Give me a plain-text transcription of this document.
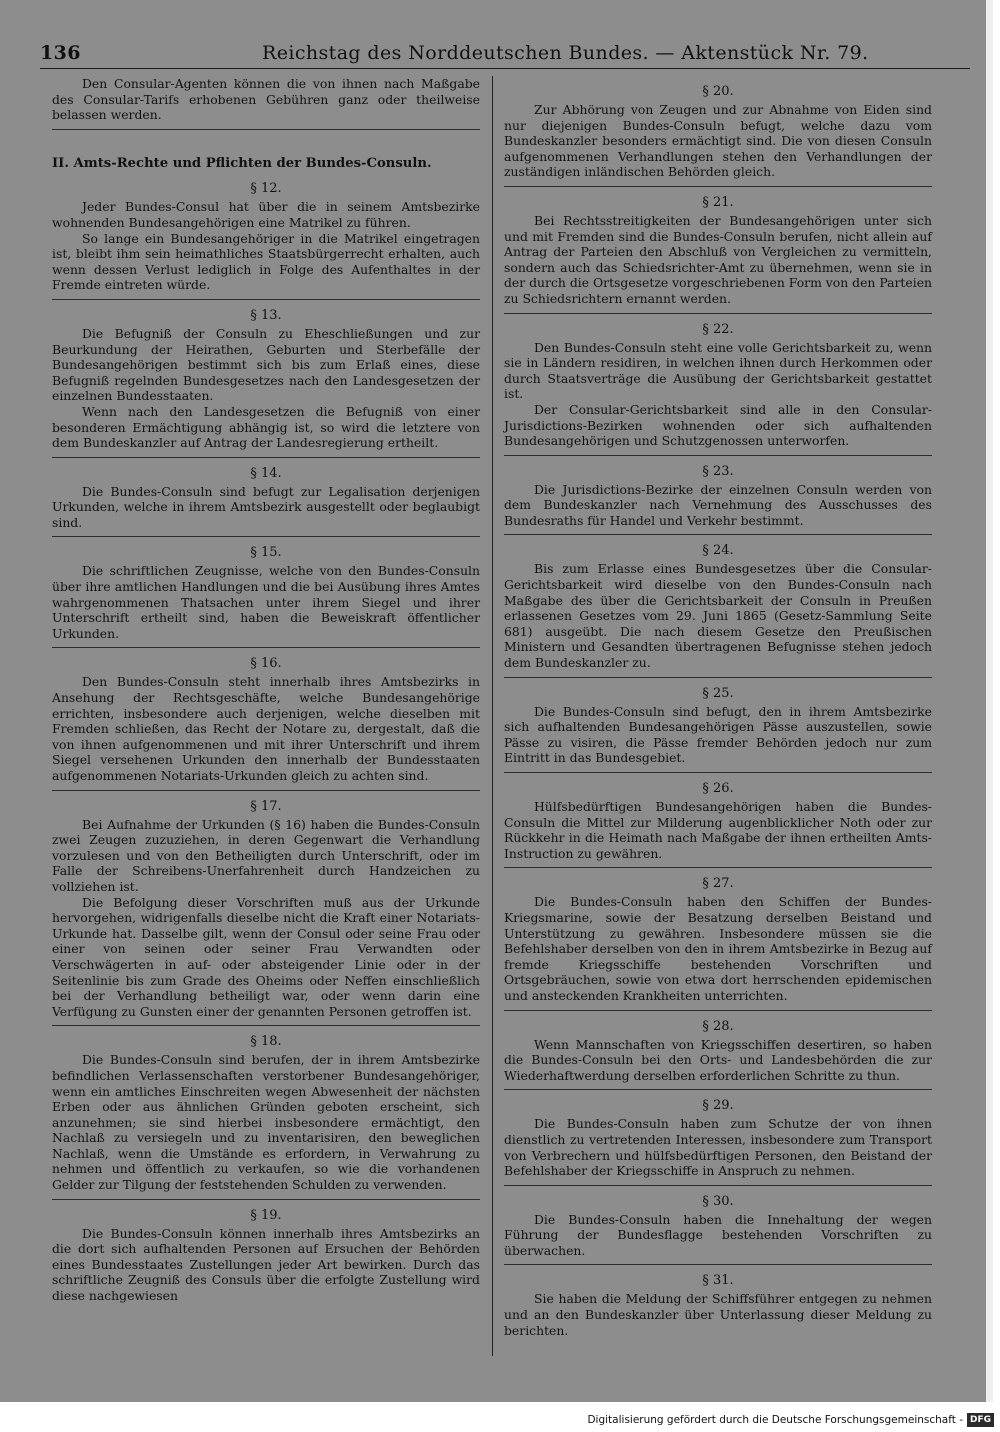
136	Reichstag des Norddeutschen Bundes. — Aktenstück Nr. 79.

Den Consular-Agenten können die von ihnen nach Maßgabe des Consular-Tarifs erhobenen Gebühren ganz oder theilweise belassen werden.

II. Amts-Rechte und Pflichten der Bundes-Consuln.
§ 12.

Jeder Bundes-Consul hat über die in seinem Amtsbezirke wohnenden Bundesangehörigen eine Matrikel zu führen.

So lange ein Bundesangehöriger in die Matrikel eingetragen ist, bleibt ihm sein heimathliches Staatsbürgerrecht erhalten, auch wenn dessen Verlust lediglich in Folge des Aufenthaltes in der Fremde eintreten würde.

§ 13.

Die Befugniß der Consuln zu Eheschließungen und zur Beurkundung der Heirathen, Geburten und Sterbefälle der Bundesangehörigen bestimmt sich bis zum Erlaß eines, diese Befugniß regelnden Bundesgesetzes nach den Landesgesetzen der einzelnen Bundesstaaten.

Wenn nach den Landesgesetzen die Befugniß von einer besonderen Ermächtigung abhängig ist, so wird die letztere von dem Bundeskanzler auf Antrag der Landesregierung ertheilt.

§ 14.

Die Bundes-Consuln sind befugt zur Legalisation derjenigen Urkunden, welche in ihrem Amtsbezirk ausgestellt oder beglaubigt sind.

§ 15.

Die schriftlichen Zeugnisse, welche von den Bundes-Consuln über ihre amtlichen Handlungen und die bei Ausübung ihres Amtes wahrgenommenen Thatsachen unter ihrem Siegel und ihrer Unterschrift ertheilt sind, haben die Beweiskraft öffentlicher Urkunden.

§ 16.

Den Bundes-Consuln steht innerhalb ihres Amtsbezirks in Ansehung der Rechtsgeschäfte, welche Bundesangehörige errichten, insbesondere auch derjenigen, welche dieselben mit Fremden schließen, das Recht der Notare zu, dergestalt, daß die von ihnen aufgenommenen und mit ihrer Unterschrift und ihrem Siegel versehenen Urkunden den innerhalb der Bundesstaaten aufgenommenen Notariats-Urkunden gleich zu achten sind.

§ 17.

Bei Aufnahme der Urkunden (§ 16) haben die Bundes-Consuln zwei Zeugen zuzuziehen, in deren Gegenwart die Verhandlung vorzulesen und von den Betheiligten durch Unterschrift, oder im Falle der Schreibens-Unerfahrenheit durch Handzeichen zu vollziehen ist.

Die Befolgung dieser Vorschriften muß aus der Urkunde hervorgehen, widrigenfalls dieselbe nicht die Kraft einer Notariats-Urkunde hat. Dasselbe gilt, wenn der Consul oder seine Frau oder einer von seinen oder seiner Frau Verwandten oder Verschwägerten in auf- oder absteigender Linie oder in der Seitenlinie bis zum Grade des Oheims oder Neffen einschließlich bei der Verhandlung betheiligt war, oder wenn darin eine Verfügung zu Gunsten einer der genannten Personen getroffen ist.

§ 18.

Die Bundes-Consuln sind berufen, der in ihrem Amtsbezirke befindlichen Verlassenschaften verstorbener Bundesangehöriger, wenn ein amtliches Einschreiten wegen Abwesenheit der nächsten Erben oder aus ähnlichen Gründen geboten erscheint, sich anzunehmen; sie sind hierbei insbesondere ermächtigt, den Nachlaß zu versiegeln und zu inventarisiren, den beweglichen Nachlaß, wenn die Umstände es erfordern, in Verwahrung zu nehmen und öffentlich zu verkaufen, so wie die vorhandenen Gelder zur Tilgung der feststehenden Schulden zu verwenden.

§ 19.

Die Bundes-Consuln können innerhalb ihres Amtsbezirks an die dort sich aufhaltenden Personen auf Ersuchen der Behörden eines Bundesstaates Zustellungen jeder Art bewirken. Durch das schriftliche Zeugniß des Consuls über die erfolgte Zustellung wird diese nachgewiesen

§ 20.

Zur Abhörung von Zeugen und zur Abnahme von Eiden sind nur diejenigen Bundes-Consuln befugt, welche dazu vom Bundeskanzler besonders ermächtigt sind. Die von diesen Consuln aufgenommenen Verhandlungen stehen den Verhandlungen der zuständigen inländischen Behörden gleich.

§ 21.

Bei Rechtsstreitigkeiten der Bundesangehörigen unter sich und mit Fremden sind die Bundes-Consuln berufen, nicht allein auf Antrag der Parteien den Abschluß von Vergleichen zu vermitteln, sondern auch das Schiedsrichter-Amt zu übernehmen, wenn sie in der durch die Ortsgesetze vorgeschriebenen Form von den Parteien zu Schiedsrichtern ernannt werden.

§ 22.

Den Bundes-Consuln steht eine volle Gerichtsbarkeit zu, wenn sie in Ländern residiren, in welchen ihnen durch Herkommen oder durch Staatsverträge die Ausübung der Gerichtsbarkeit gestattet ist.

Der Consular-Gerichtsbarkeit sind alle in den Consular-Jurisdictions-Bezirken wohnenden oder sich aufhaltenden Bundesangehörigen und Schutzgenossen unterworfen.

§ 23.

Die Jurisdictions-Bezirke der einzelnen Consuln werden von dem Bundeskanzler nach Vernehmung des Ausschusses des Bundesraths für Handel und Verkehr bestimmt.

§ 24.

Bis zum Erlasse eines Bundesgesetzes über die Consular-Gerichtsbarkeit wird dieselbe von den Bundes-Consuln nach Maßgabe des über die Gerichtsbarkeit der Consuln in Preußen erlassenen Gesetzes vom 29. Juni 1865 (Gesetz-Sammlung Seite 681) ausgeübt. Die nach diesem Gesetze den Preußischen Ministern und Gesandten übertragenen Befugnisse stehen jedoch dem Bundeskanzler zu.

§ 25.

Die Bundes-Consuln sind befugt, den in ihrem Amtsbezirke sich aufhaltenden Bundesangehörigen Pässe auszustellen, sowie Pässe zu visiren, die Pässe fremder Behörden jedoch nur zum Eintritt in das Bundesgebiet.

§ 26.

Hülfsbedürftigen Bundesangehörigen haben die Bundes-Consuln die Mittel zur Milderung augenblicklicher Noth oder zur Rückkehr in die Heimath nach Maßgabe der ihnen ertheilten Amts-Instruction zu gewähren.

§ 27.

Die Bundes-Consuln haben den Schiffen der Bundes-Kriegsmarine, sowie der Besatzung derselben Beistand und Unterstützung zu gewähren. Insbesondere müssen sie die Befehlshaber derselben von den in ihrem Amtsbezirke in Bezug auf fremde Kriegsschiffe bestehenden Vorschriften und Ortsgebräuchen, sowie von etwa dort herrschenden epidemischen und ansteckenden Krankheiten unterrichten.

§ 28.

Wenn Mannschaften von Kriegsschiffen desertiren, so haben die Bundes-Consuln bei den Orts- und Landesbehörden die zur Wiederhaftwerdung derselben erforderlichen Schritte zu thun.

§ 29.

Die Bundes-Consuln haben zum Schutze der von ihnen dienstlich zu vertretenden Interessen, insbesondere zum Transport von Verbrechern und hülfsbedürftigen Personen, den Beistand der Befehlshaber der Kriegsschiffe in Anspruch zu nehmen.

§ 30.

Die Bundes-Consuln haben die Innehaltung der wegen Führung der Bundesflagge bestehenden Vorschriften zu überwachen.

§ 31.

Sie haben die Meldung der Schiffsführer entgegen zu nehmen und an den Bundeskanzler über Unterlassung dieser Meldung zu berichten.

Digitalisierung gefördert durch die Deutsche Forschungsgemeinschaft - DFG
